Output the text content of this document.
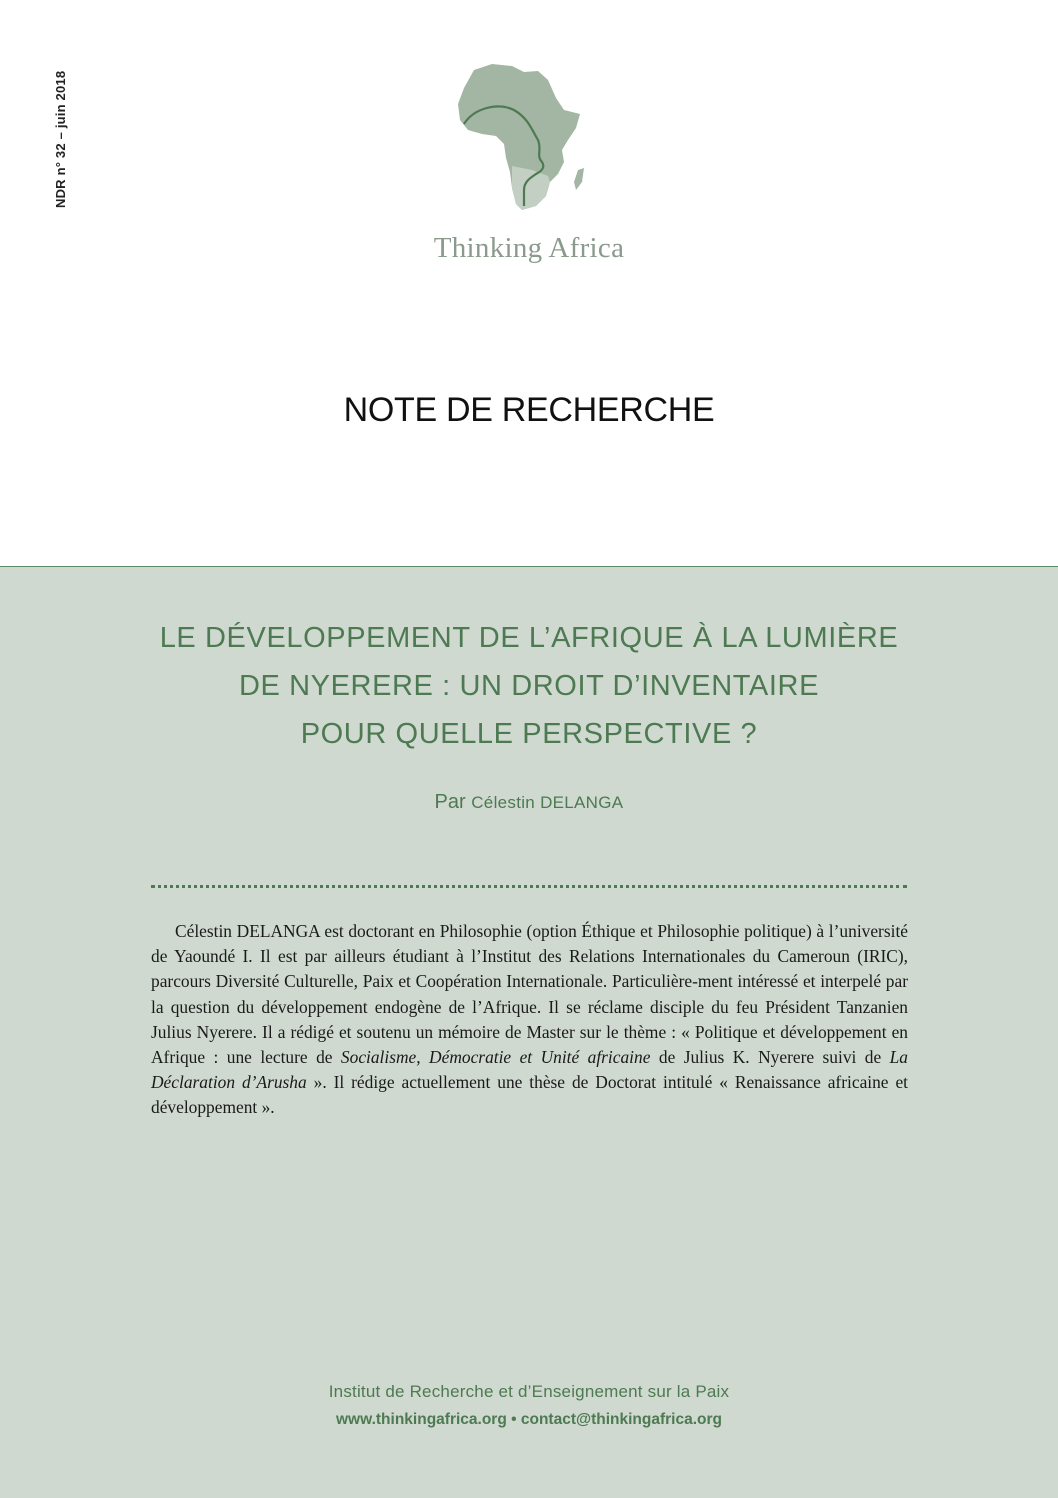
NDR n° 32 – juin 2018
Thinking Africa
NOTE DE RECHERCHE
LE DÉVELOPPEMENT DE L’AFRIQUE À LA LUMIÈRE
DE NYERERE : UN DROIT D’INVENTAIRE
POUR QUELLE PERSPECTIVE ?
Par Célestin DELANGA

Célestin DELANGA est doctorant en Philosophie (option Éthique et Philosophie politique) à l’université de Yaoundé I. Il est par ailleurs étudiant à l’Institut des Relations Internationales du Cameroun (IRIC), parcours Diversité Culturelle, Paix et Coopération Internationale. Particulière-ment intéressé et interpelé par la question du développement endogène de l’Afrique. Il se réclame disciple du feu Président Tanzanien Julius Nyerere. Il a rédigé et soutenu un mémoire de Master sur le thème : « Politique et développement en Afrique : une lecture de Socialisme, Démocratie et Unité africaine de Julius K. Nyerere suivi de La Déclaration d’Arusha ». Il rédige actuellement une thèse de Doctorat intitulé « Renaissance africaine et développement ».

Institut de Recherche et d’Enseignement sur la Paix
www.thinkingafrica.org • contact@thinkingafrica.org
